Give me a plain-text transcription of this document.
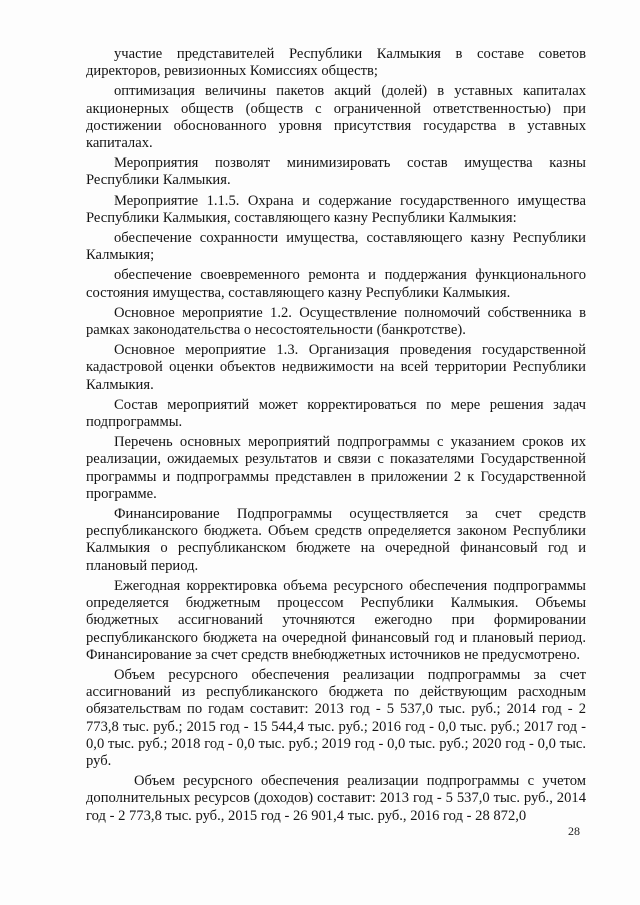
участие представителей Республики Калмыкия в составе советов директоров, ревизионных Комиссиях обществ;

оптимизация величины пакетов акций (долей) в уставных капиталах акционерных обществ (обществ с ограниченной ответственностью) при достижении обоснованного уровня присутствия государства в уставных капиталах.

Мероприятия позволят минимизировать состав имущества казны Республики Калмыкия.

Мероприятие 1.1.5. Охрана и содержание государственного имущества Республики Калмыкия, составляющего казну Республики Калмыкия:

обеспечение сохранности имущества, составляющего казну Республики Калмыкия;

обеспечение своевременного ремонта и поддержания функционального состояния имущества, составляющего казну Республики Калмыкия.

Основное мероприятие 1.2. Осуществление полномочий собственника в рамках законодательства о несостоятельности (банкротстве).

Основное мероприятие 1.3. Организация проведения государственной кадастровой оценки объектов недвижимости на всей территории Республики Калмыкия.

Состав мероприятий может корректироваться по мере решения задач подпрограммы.

Перечень основных мероприятий подпрограммы с указанием сроков их реализации, ожидаемых результатов и связи с показателями Государственной программы и подпрограммы представлен в приложении 2 к Государственной программе.

Финансирование Подпрограммы осуществляется за счет средств республиканского бюджета. Объем средств определяется законом Республики Калмыкия о республиканском бюджете на очередной финансовый год и плановый период.

Ежегодная корректировка объема ресурсного обеспечения подпрограммы определяется бюджетным процессом Республики Калмыкия. Объемы бюджетных ассигнований уточняются ежегодно при формировании республиканского бюджета на очередной финансовый год и плановый период. Финансирование за счет средств внебюджетных источников не предусмотрено.

Объем ресурсного обеспечения реализации подпрограммы за счет ассигнований из республиканского бюджета по действующим расходным обязательствам по годам составит: 2013 год - 5 537,0 тыс. руб.; 2014 год - 2 773,8 тыс. руб.; 2015 год - 15 544,4 тыс. руб.; 2016 год - 0,0 тыс. руб.; 2017 год - 0,0 тыс. руб.; 2018 год - 0,0 тыс. руб.; 2019 год - 0,0 тыс. руб.; 2020 год - 0,0 тыс. руб.

Объем ресурсного обеспечения реализации подпрограммы с учетом дополнительных ресурсов (доходов) составит: 2013 год - 5 537,0 тыс. руб., 2014 год - 2 773,8 тыс. руб., 2015 год - 26 901,4 тыс. руб., 2016 год - 28 872,0

28
